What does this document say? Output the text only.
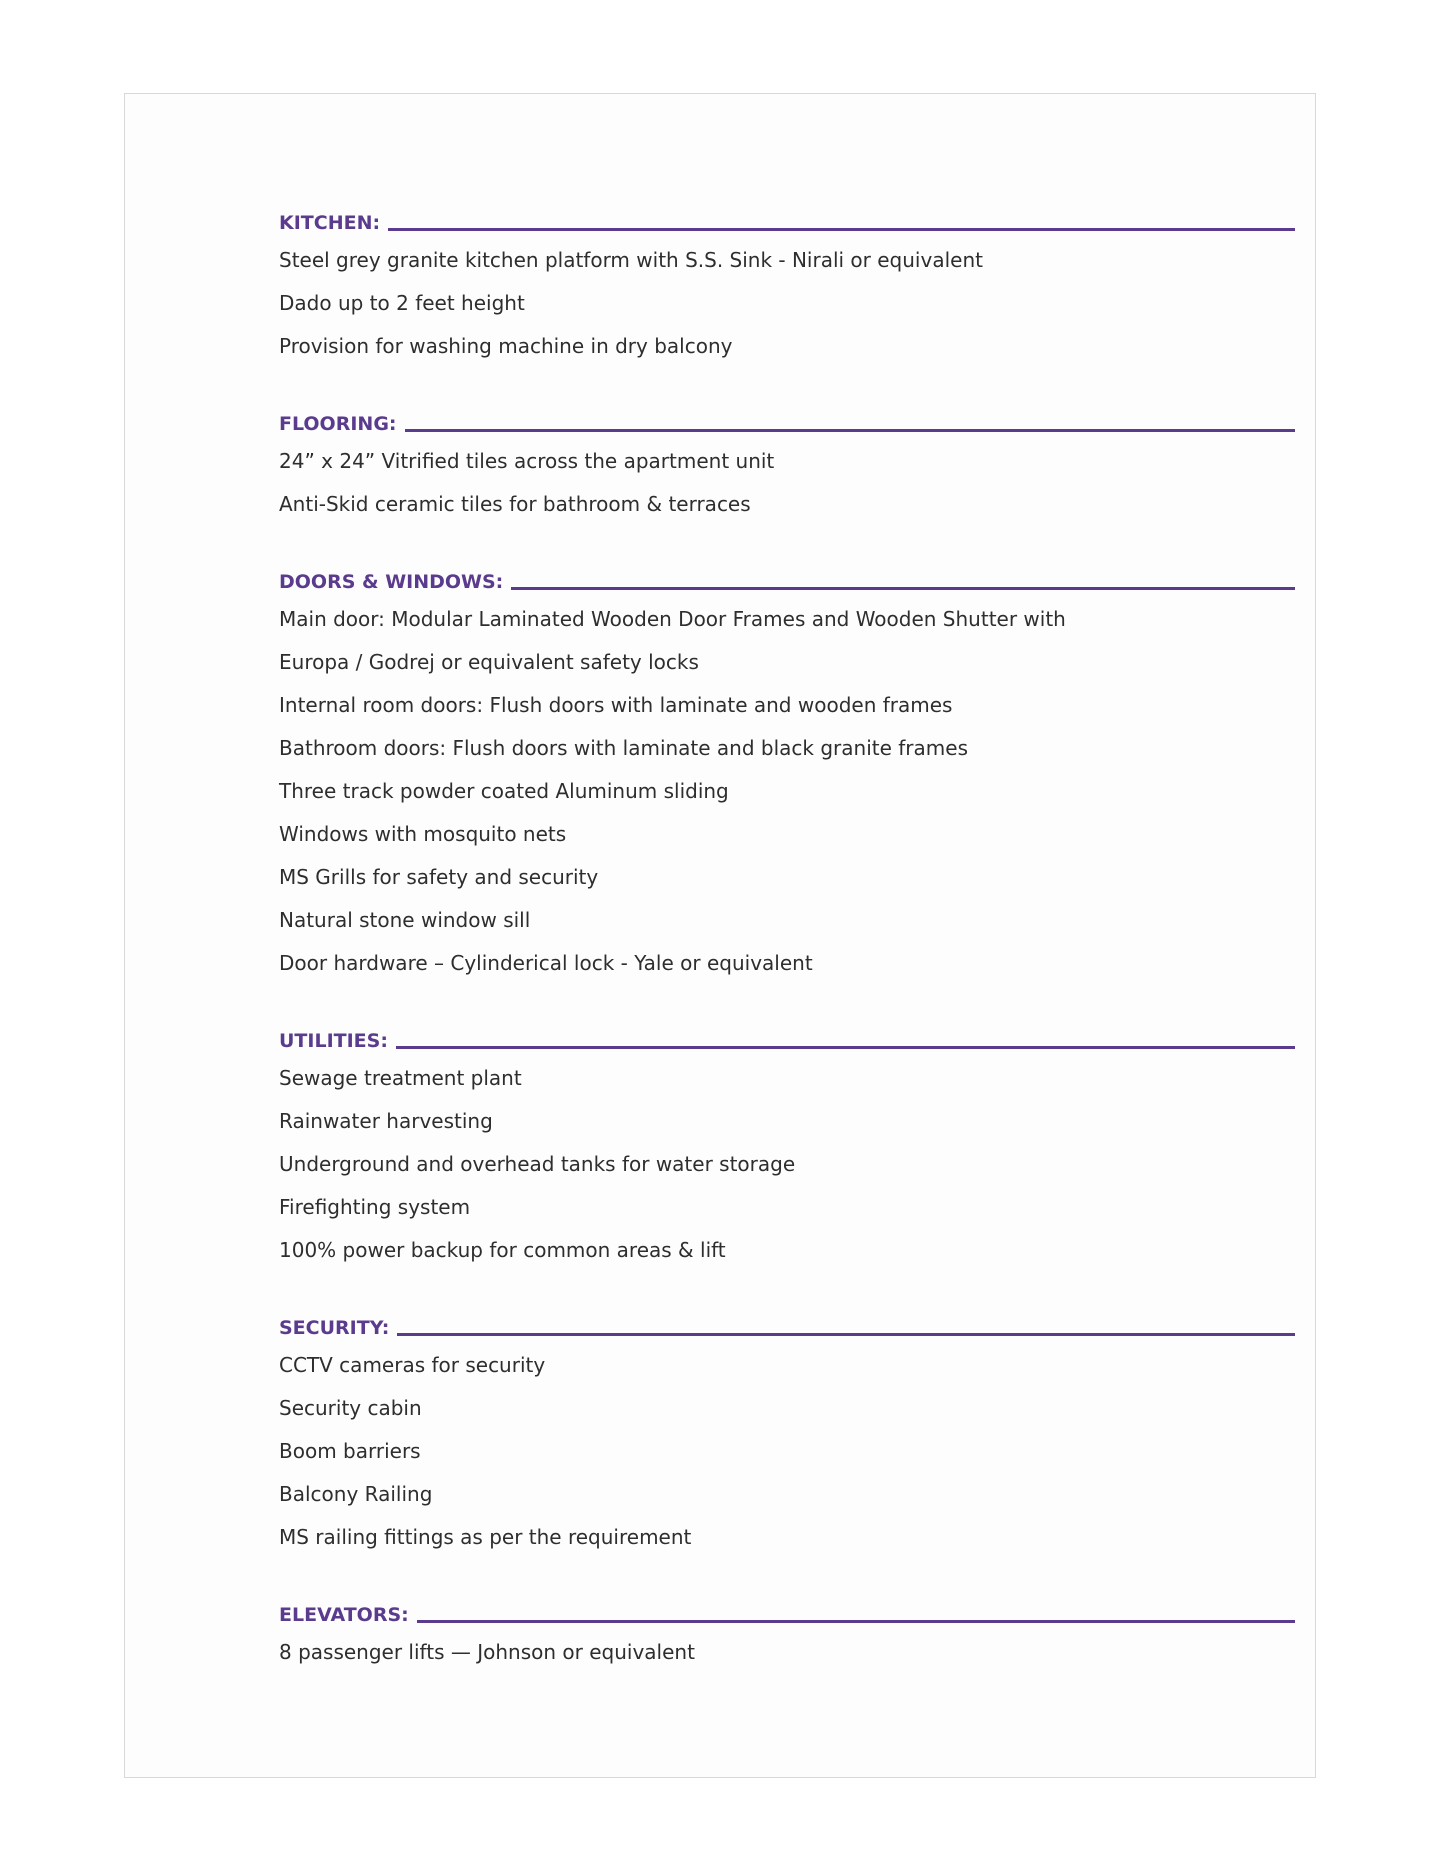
KITCHEN:
Steel grey granite kitchen platform with S.S. Sink - Nirali or equivalent
Dado up to 2 feet height
Provision for washing machine in dry balcony
FLOORING:
24” x 24” Vitrified tiles across the apartment unit
Anti-Skid ceramic tiles for bathroom & terraces
DOORS & WINDOWS:
Main door: Modular Laminated Wooden Door Frames and Wooden Shutter with
Europa / Godrej or equivalent safety locks
Internal room doors: Flush doors with laminate and wooden frames
Bathroom doors: Flush doors with laminate and black granite frames
Three track powder coated Aluminum sliding
Windows with mosquito nets
MS Grills for safety and security
Natural stone window sill
Door hardware – Cylinderical lock - Yale or equivalent
UTILITIES:
Sewage treatment plant
Rainwater harvesting
Underground and overhead tanks for water storage
Firefighting system
100% power backup for common areas & lift
SECURITY:
CCTV cameras for security
Security cabin
Boom barriers
Balcony Railing
MS railing fittings as per the requirement
ELEVATORS:
8 passenger lifts — Johnson or equivalent
